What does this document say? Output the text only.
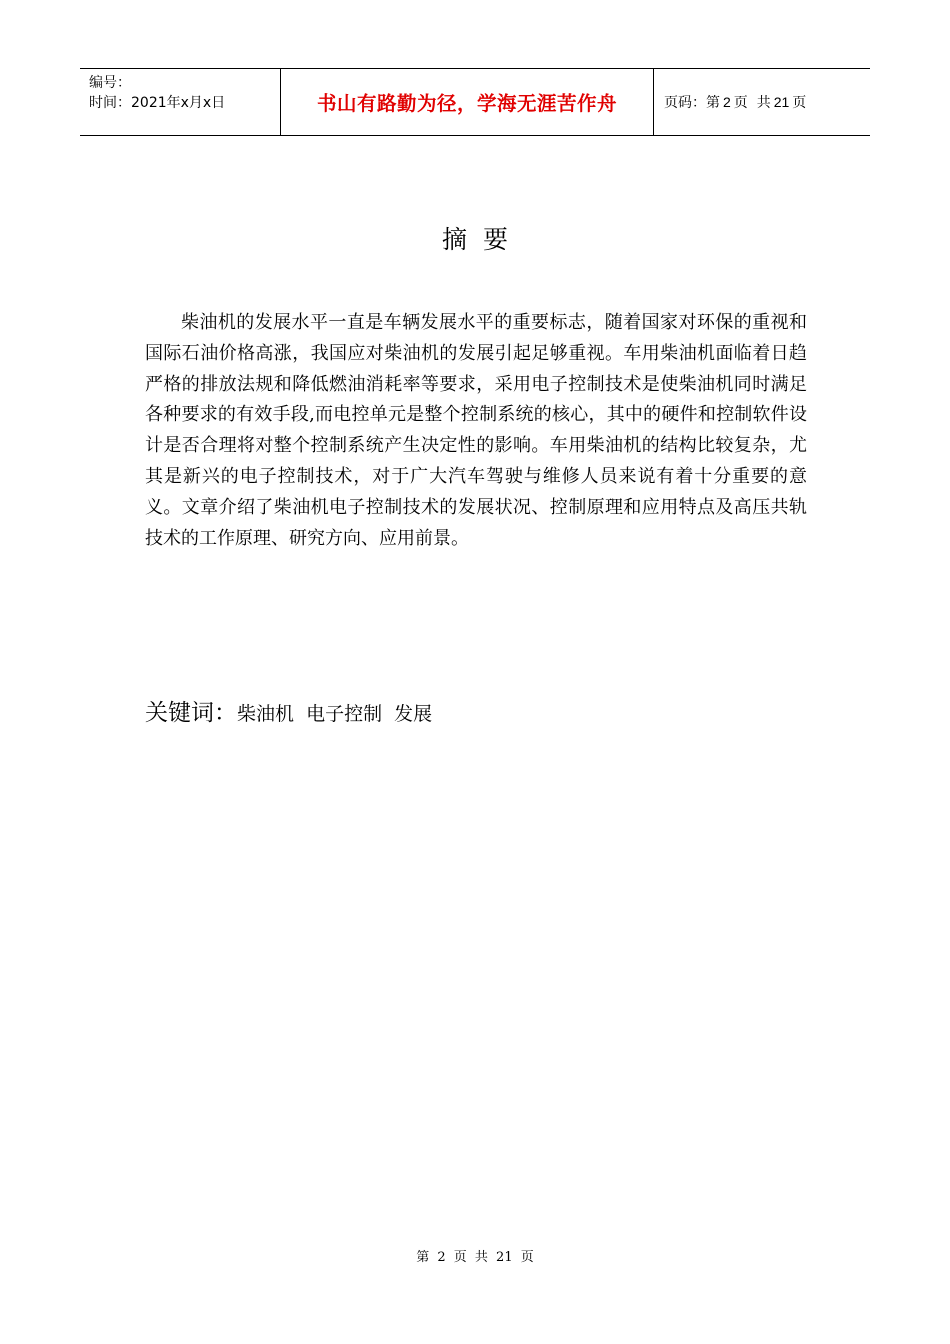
编号：
时间：2021年x月x日	书山有路勤为径，学海无涯苦作舟	页码：第 2 页  共 21 页
摘要

柴油机的发展水平一直是车辆发展水平的重要标志，随着国家对环保的重视和国际石油价格高涨，我国应对柴油机的发展引起足够重视。车用柴油机面临着日趋严格的排放法规和降低燃油消耗率等要求，采用电子控制技术是使柴油机同时满足各种要求的有效手段,而电控单元是整个控制系统的核心，其中的硬件和控制软件设计是否合理将对整个控制系统产生决定性的影响。车用柴油机的结构比较复杂，尤其是新兴的电子控制技术，对于广大汽车驾驶与维修人员来说有着十分重要的意义。文章介绍了柴油机电子控制技术的发展状况、控制原理和应用特点及高压共轨技术的工作原理、研究方向、应用前景。

关键词：柴油机  电子控制  发展
第 2 页 共 21 页
